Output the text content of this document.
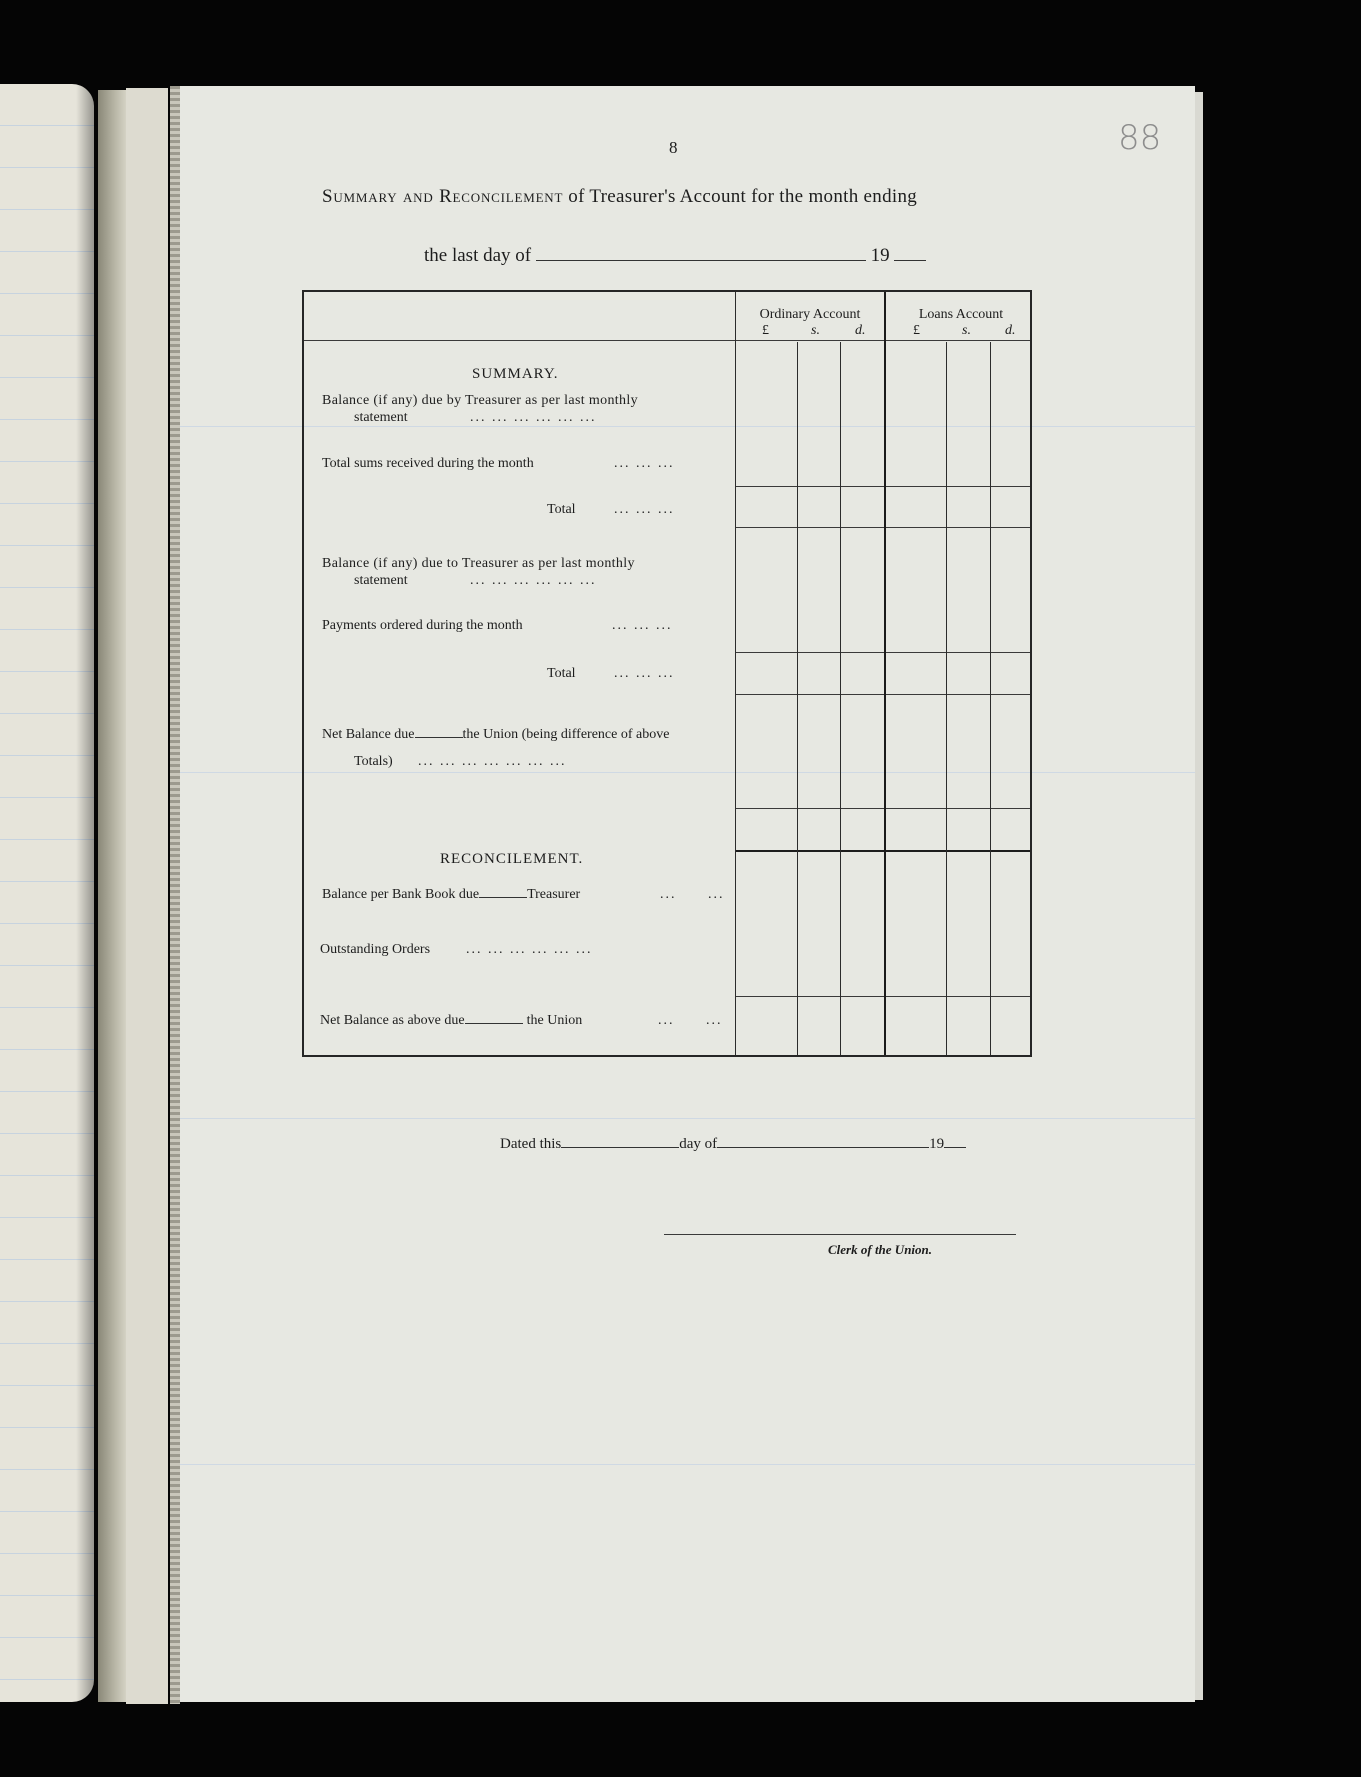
88
8
Summary and Reconcilement of Treasurer's Account for the month ending
the last day of	19
Ordinary Account	Loans Account
£	s.	d.	£	s. d.
SUMMARY.
Balance (if any) due by Treasurer as per last monthly
statement	... ... ... ... ... ...
Total sums received during the month	... ... ...
Total	... ... ...
Balance (if any) due to Treasurer as per last monthly
statement	... ... ... ... ... ...
Payments ordered during the month	... ... ...
Total	... ... ...
Net Balance due	the Union (being difference of above
Totals) ... ... ... ... ... ... ...
RECONCILEMENT.
Balance per Bank Book due	Treasurer	... ...
Outstanding Orders	... ... ... ... ... ...
Net Balance as above due	the Union	... ...
Dated this	day of	19
Clerk of the Union.
